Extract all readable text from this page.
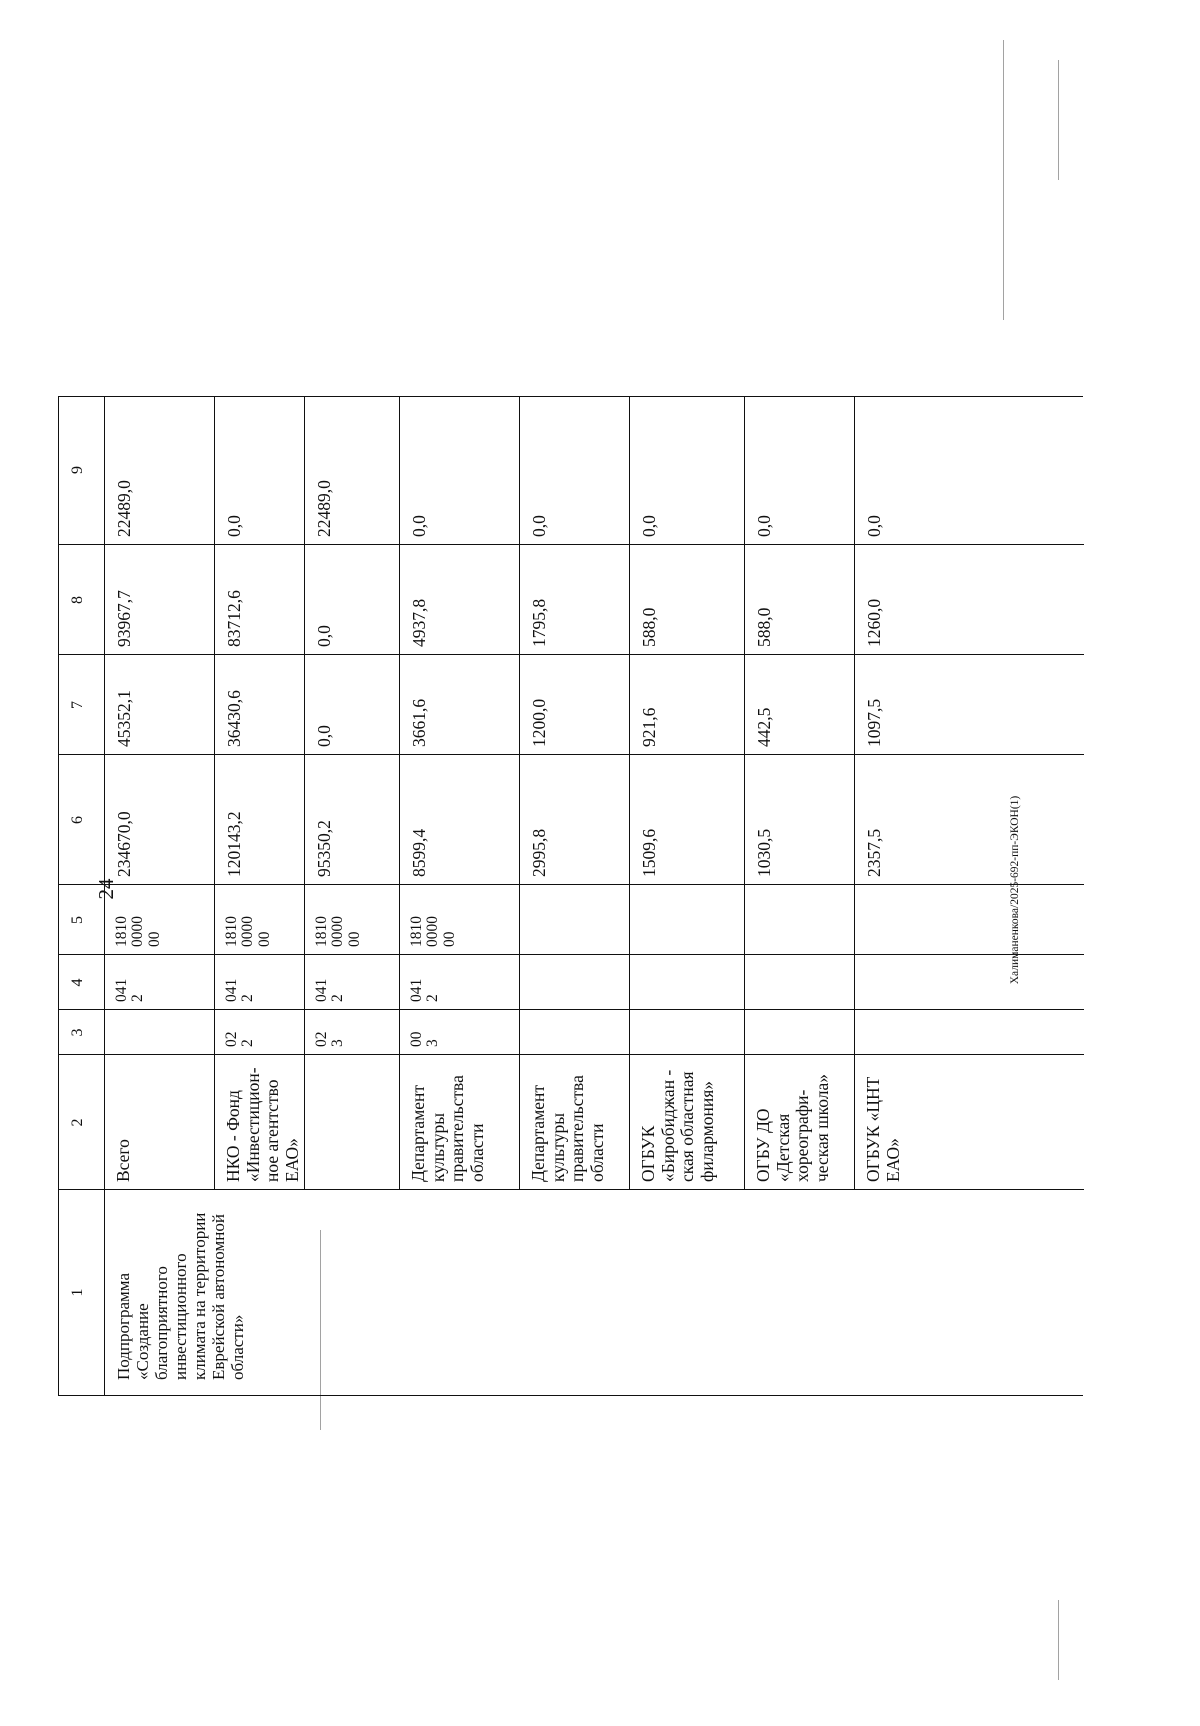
24	Халиманенкова/2025-692-пп-ЭКОН(1)
1
2
3
4
5
6
7
8
9
Подпрограмма «Создание благоприятного инвестиционного климата на территории Еврейской автономной области»
Всего
041
2
1810
0000
00
234670,0
45352,1
93967,7
22489,0
НКО - Фонд «Инвестицион-ное агентство ЕАО»
02
2
041
2
1810
0000
00
120143,2
36430,6
83712,6
0,0
02
3
041
2
1810
0000
00
95350,2
0,0
0,0
22489,0
Департамент культуры правительства области
00
3
041
2
1810
0000
00
8599,4
3661,6
4937,8
0,0
Департамент культуры правительства области
2995,8
1200,0
1795,8
0,0
ОГБУК «Биробиджан - ская областная филармония»
1509,6
921,6
588,0
0,0
ОГБУ ДО «Детская хореографи-ческая школа»
1030,5
442,5
588,0
0,0
ОГБУК «ЦНТ ЕАО»
2357,5
1097,5
1260,0
0,0
